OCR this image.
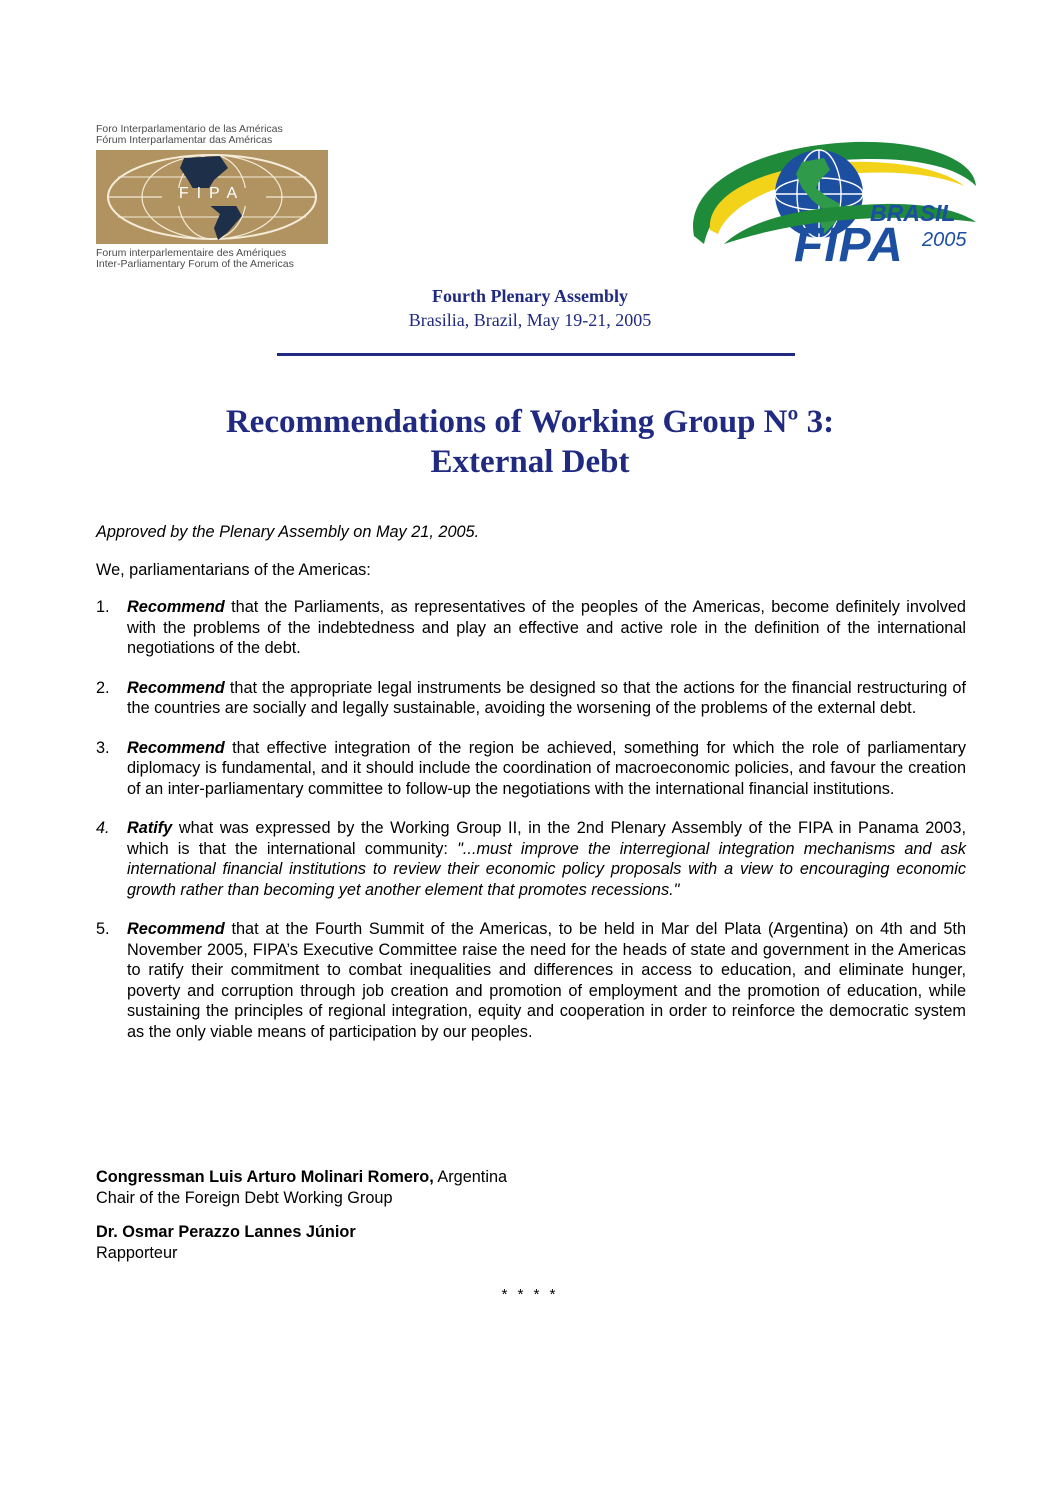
Foro Interparlamentario de las Américas
Fórum Interparlamentar das Américas
FIPA
Forum interparlementaire des Amériques
Inter-Parliamentary Forum of the Americas
BRASIL
FIPA 2005
Fourth Plenary Assembly
Brasilia, Brazil, May 19-21, 2005
Recommendations of Working Group Nº 3:
External Debt

Approved by the Plenary Assembly on May 21, 2005.

We, parliamentarians of the Americas:

1. Recommend that the Parliaments, as representatives of the peoples of the Americas, become definitely involved with the problems of the indebtedness and play an effective and active role in the definition of the international negotiations of the debt.
2. Recommend that the appropriate legal instruments be designed so that the actions for the financial restructuring of the countries are socially and legally sustainable, avoiding the worsening of the problems of the external debt.
3. Recommend that effective integration of the region be achieved, something for which the role of parliamentary diplomacy is fundamental, and it should include the coordination of macroeconomic policies, and favour the creation of an inter-parliamentary committee to follow-up the negotiations with the international financial institutions.
4. Ratify what was expressed by the Working Group II, in the 2nd Plenary Assembly of the FIPA in Panama 2003, which is that the international community: "...must improve the interregional integration mechanisms and ask international financial institutions to review their economic policy proposals with a view to encouraging economic growth rather than becoming yet another element that promotes recessions."
5. Recommend that at the Fourth Summit of the Americas, to be held in Mar del Plata (Argentina) on 4th and 5th November 2005, FIPA’s Executive Committee raise the need for the heads of state and government in the Americas to ratify their commitment to combat inequalities and differences in access to education, and eliminate hunger, poverty and corruption through job creation and promotion of employment and the promotion of education, while sustaining the principles of regional integration, equity and cooperation in order to reinforce the democratic system as the only viable means of participation by our peoples.
Congressman Luis Arturo Molinari Romero, Argentina
Chair of the Foreign Debt Working Group
Dr. Osmar Perazzo Lannes Júnior
Rapporteur
* * * *
